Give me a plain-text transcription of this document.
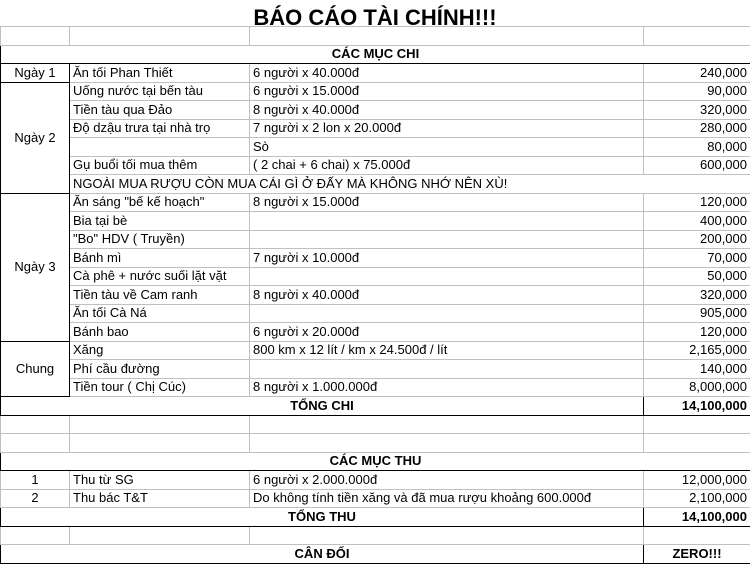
BÁO CÁO TÀI CHÍNH!!!

CÁC MỤC CHI			
Ngày 1	Ăn tối Phan Thiết	6 người x 40.000đ	240,000
Ngày 2	Uống nước tại bến tàu	6 người x 15.000đ	90,000
	Tiền tàu qua Đảo	8 người x 40.000đ	320,000
	Độ dzậu trưa tại nhà trọ	7 người x 2 lon x 20.000đ	280,000
		Sò	80,000
	Gụ buổi tối mua thêm	( 2 chai + 6 chai) x 75.000đ	600,000
	NGOÀI MUA RƯỢU CÒN MUA CÁI GÌ Ở ĐẤY MÀ KHÔNG NHỚ NÊN XÙ!		
Ngày 3	Ăn sáng "bế kế hoạch"	8 người x 15.000đ	120,000
	Bia tại bè		400,000
	"Bo" HDV ( Truyền)		200,000
	Bánh mì	7 người x 10.000đ	70,000
	Cà phê + nước suối lặt vặt		50,000
	Tiền tàu về Cam ranh	8 người x 40.000đ	320,000
	Ăn tối Cà Ná		905,000
	Bánh bao	6 người x 20.000đ	120,000
Chung	Xăng	800 km x 12 lít / km x 24.500đ / lít	2,165,000
	Phí cầu đường		140,000
	Tiền tour ( Chị Cúc)	8 người x 1.000.000đ	8,000,000
TỔNG CHI			14,100,000

CÁC MỤC THU			
1	Thu từ SG	6 người x 2.000.000đ	12,000,000
2	Thu bác T&T	Do không tính tiền xăng và đã mua rượu khoảng 600.000đ	2,100,000
TỔNG THU			14,100,000

CÂN ĐỐI			ZERO!!!
